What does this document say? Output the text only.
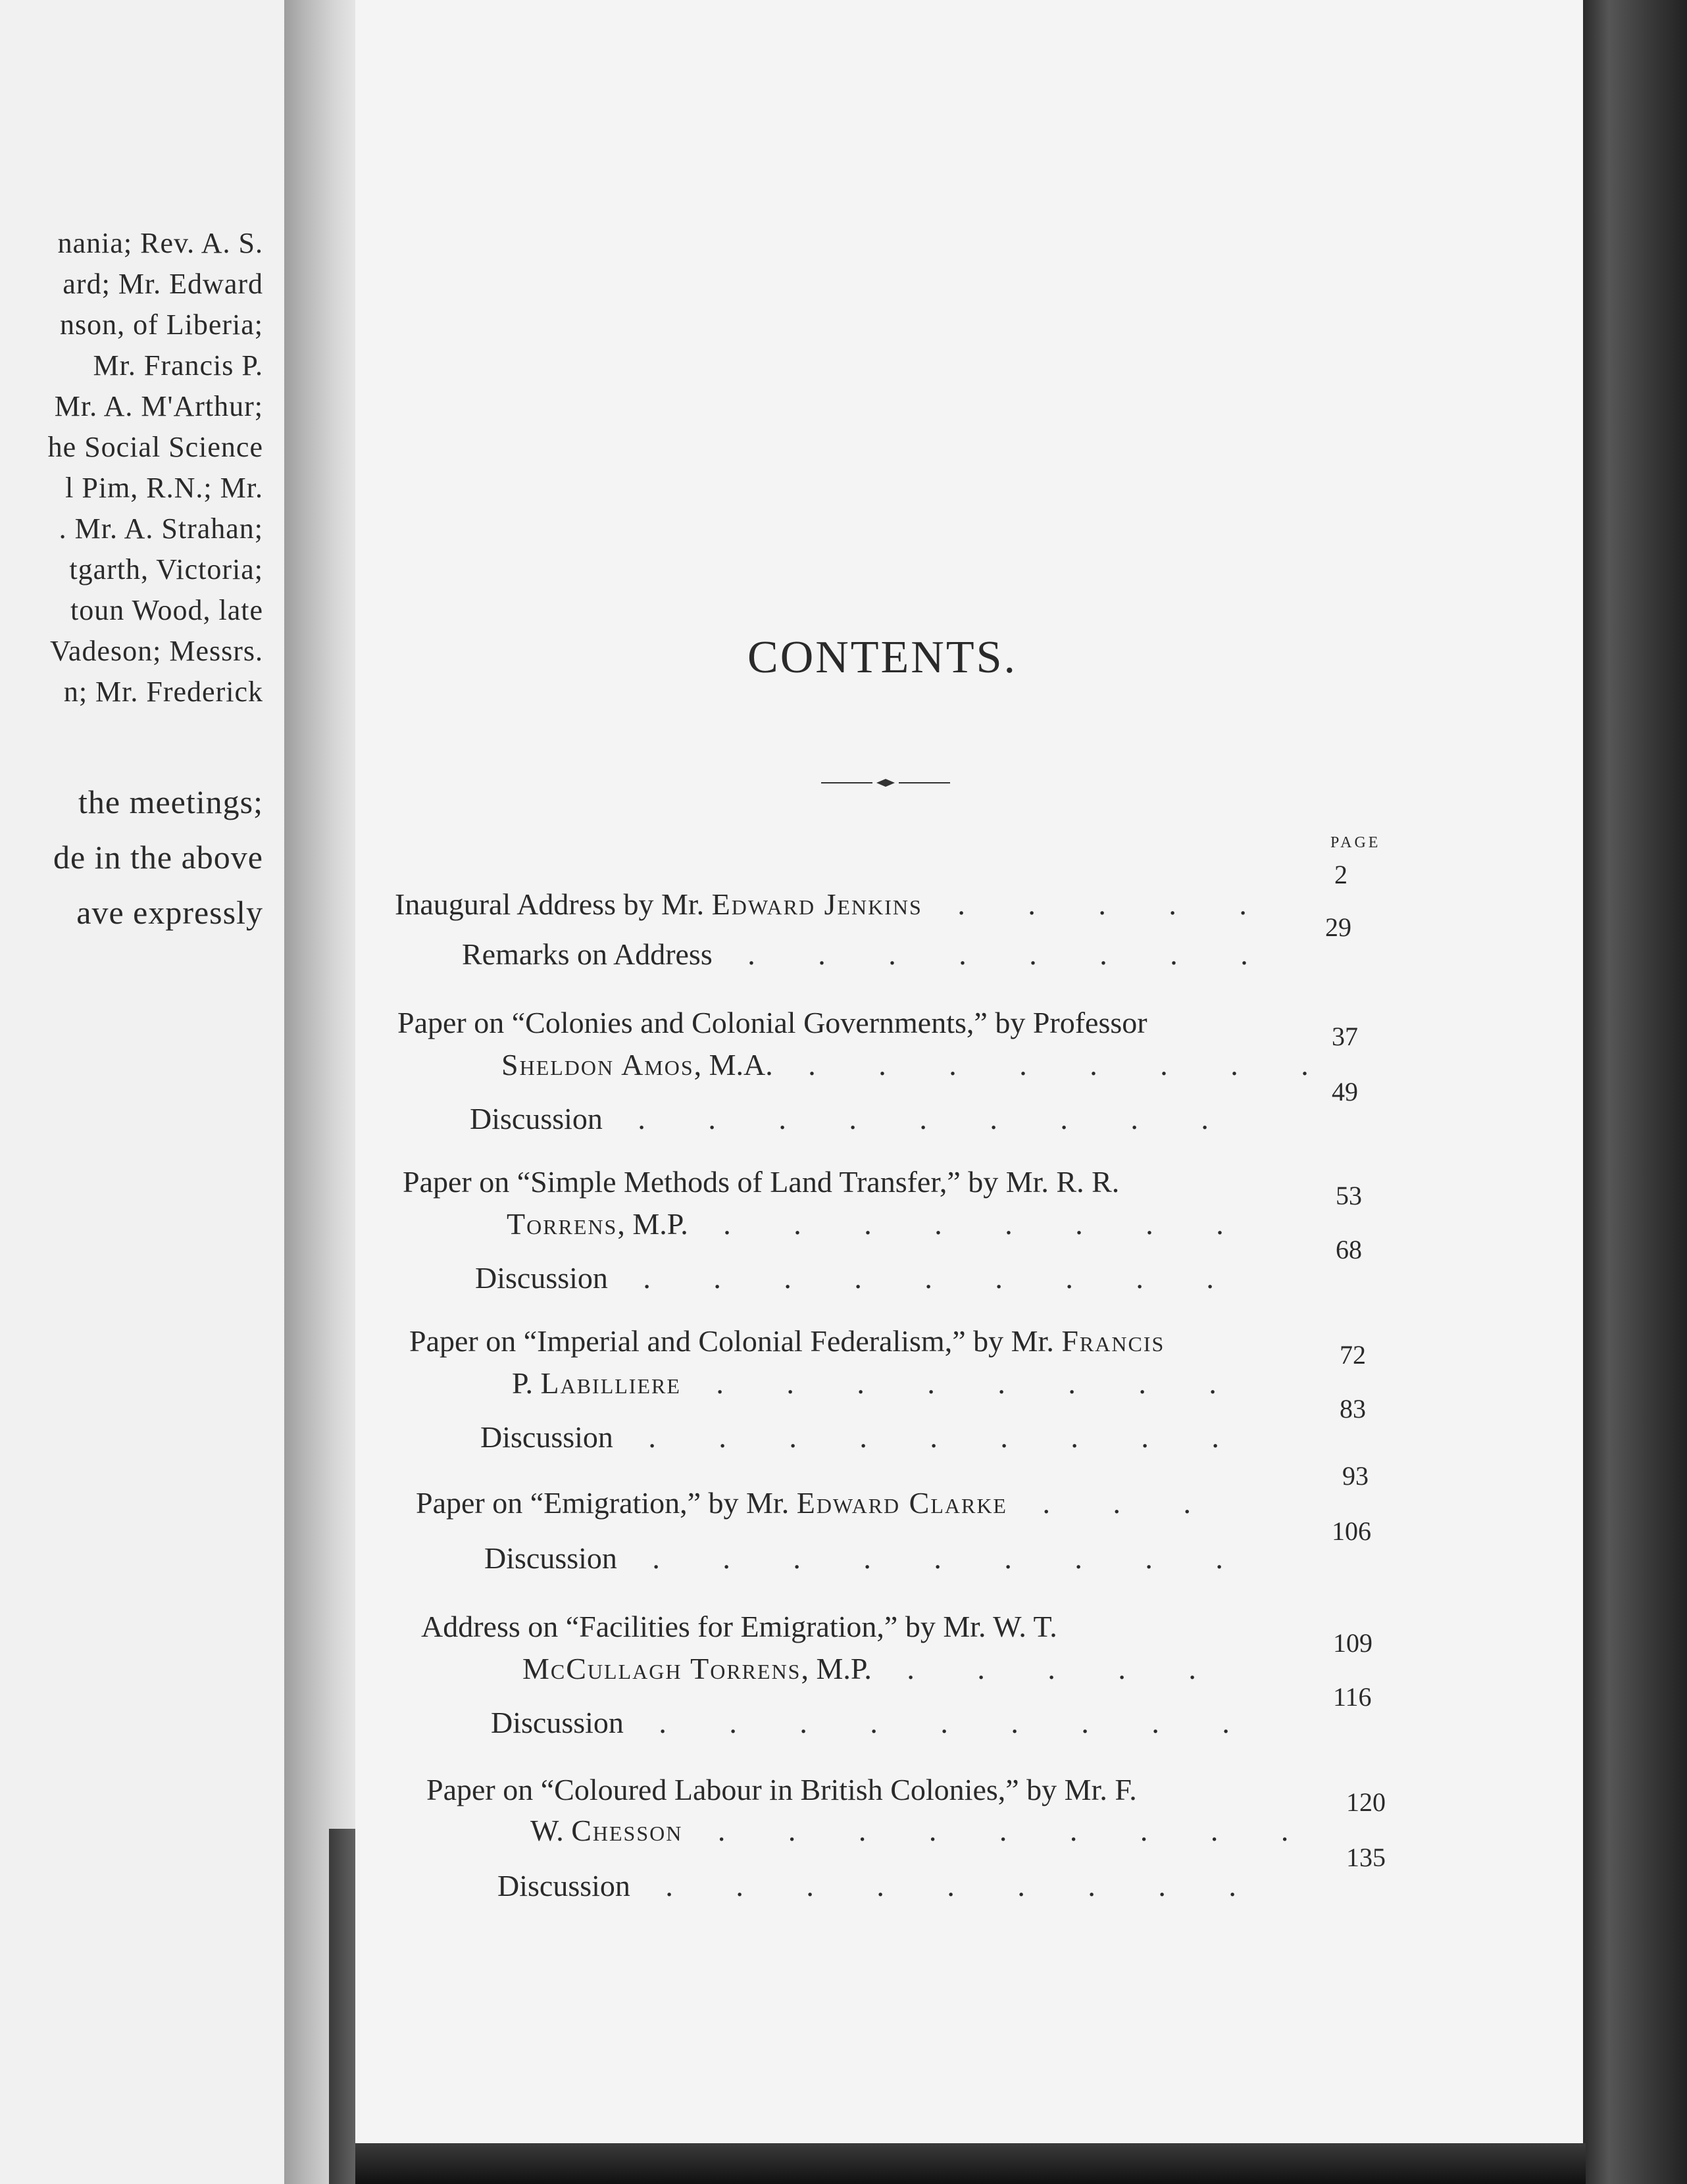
nania; Rev. A. S.
ard; Mr. Edward
nson, of Liberia;
Mr. Francis P.
Mr. A. M'Arthur;
he Social Science
l Pim, R.N.; Mr.
. Mr. A. Strahan;
tgarth, Victoria;
toun Wood, late
Vadeson; Messrs.
n; Mr. Frederick
the meetings;
de in the above
ave expressly
CONTENTS.
PAGE
Inaugural Address by Mr. Edward Jenkins . . . . .
2
Remarks on Address . . . . . . . .
29
Paper on “Colonies and Colonial Governments,” by Professor
Sheldon Amos, M.A. . . . . . . . .
37
Discussion . . . . . . . . .
49
Paper on “Simple Methods of Land Transfer,” by Mr. R. R.
Torrens, M.P. . . . . . . . .
53
Discussion . . . . . . . . .
68
Paper on “Imperial and Colonial Federalism,” by Mr. Francis
P. Labilliere . . . . . . . .
72
Discussion . . . . . . . . .
83
Paper on “Emigration,” by Mr. Edward Clarke . . .
93
Discussion . . . . . . . . .
106
Address on “Facilities for Emigration,” by Mr. W. T.
McCullagh Torrens, M.P. . . . . .
109
Discussion . . . . . . . . .
116
Paper on “Coloured Labour in British Colonies,” by Mr. F.
W. Chesson . . . . . . . . .
120
Discussion . . . . . . . . .
135
